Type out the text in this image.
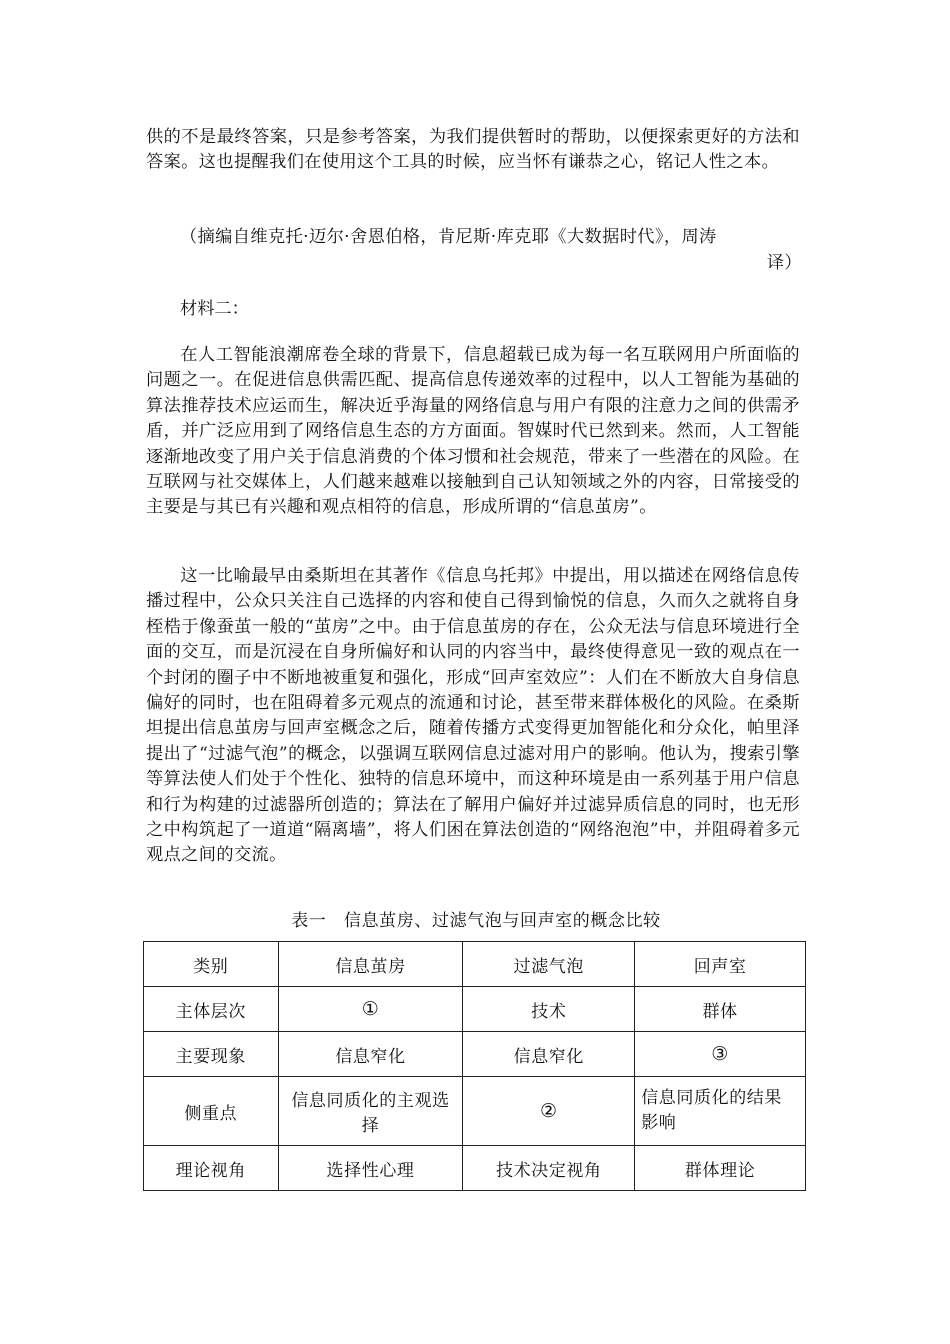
供的不是最终答案，只是参考答案，为我们提供暂时的帮助，以便探索更好的方法和答案。这也提醒我们在使用这个工具的时候，应当怀有谦恭之心，铭记人性之本。

（摘编自维克托·迈尔·舍恩伯格，肯尼斯·库克耶《大数据时代》，周涛
译）

材料二：

在人工智能浪潮席卷全球的背景下，信息超载已成为每一名互联网用户所面临的问题之一。在促进信息供需匹配、提高信息传递效率的过程中，以人工智能为基础的算法推荐技术应运而生，解决近乎海量的网络信息与用户有限的注意力之间的供需矛盾，并广泛应用到了网络信息生态的方方面面。智媒时代已然到来。然而，人工智能逐渐地改变了用户关于信息消费的个体习惯和社会规范，带来了一些潜在的风险。在互联网与社交媒体上，人们越来越难以接触到自己认知领域之外的内容，日常接受的主要是与其已有兴趣和观点相符的信息，形成所谓的“信息茧房”。

这一比喻最早由桑斯坦在其著作《信息乌托邦》中提出，用以描述在网络信息传播过程中，公众只关注自己选择的内容和使自己得到愉悦的信息，久而久之就将自身桎梏于像蚕茧一般的“茧房”之中。由于信息茧房的存在，公众无法与信息环境进行全面的交互，而是沉浸在自身所偏好和认同的内容当中，最终使得意见一致的观点在一个封闭的圈子中不断地被重复和强化，形成“回声室效应”：人们在不断放大自身信息偏好的同时，也在阻碍着多元观点的流通和讨论，甚至带来群体极化的风险。在桑斯坦提出信息茧房与回声室概念之后，随着传播方式变得更加智能化和分众化，帕里泽提出了“过滤气泡”的概念，以强调互联网信息过滤对用户的影响。他认为，搜索引擎等算法使人们处于个性化、独特的信息环境中，而这种环境是由一系列基于用户信息和行为构建的过滤器所创造的；算法在了解用户偏好并过滤异质信息的同时，也无形之中构筑起了一道道“隔离墙”，将人们困在算法创造的“网络泡泡”中，并阻碍着多元观点之间的交流。

表一　信息茧房、过滤气泡与回声室的概念比较

类别	信息茧房	过滤气泡	回声室
主体层次	①	技术	群体
主要现象	信息窄化	信息窄化	③
侧重点	信息同质化的主观选择	②	信息同质化的结果影响
理论视角	选择性心理	技术决定视角	群体理论
